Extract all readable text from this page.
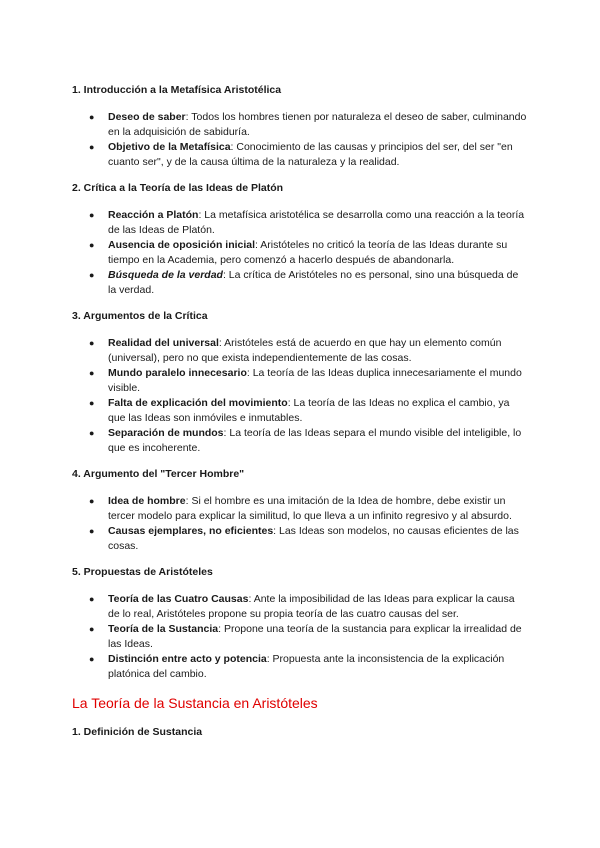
1. Introducción a la Metafísica Aristotélica
● Deseo de saber: Todos los hombres tienen por naturaleza el deseo de saber, culminando en la adquisición de sabiduría.
● Objetivo de la Metafísica: Conocimiento de las causas y principios del ser, del ser "en cuanto ser", y de la causa última de la naturaleza y la realidad.
2. Crítica a la Teoría de las Ideas de Platón
● Reacción a Platón: La metafísica aristotélica se desarrolla como una reacción a la teoría de las Ideas de Platón.
● Ausencia de oposición inicial: Aristóteles no criticó la teoría de las Ideas durante su tiempo en la Academia, pero comenzó a hacerlo después de abandonarla.
● Búsqueda de la verdad: La crítica de Aristóteles no es personal, sino una búsqueda de la verdad.
3. Argumentos de la Crítica
● Realidad del universal: Aristóteles está de acuerdo en que hay un elemento común (universal), pero no que exista independientemente de las cosas.
● Mundo paralelo innecesario: La teoría de las Ideas duplica innecesariamente el mundo visible.
● Falta de explicación del movimiento: La teoría de las Ideas no explica el cambio, ya que las Ideas son inmóviles e inmutables.
● Separación de mundos: La teoría de las Ideas separa el mundo visible del inteligible, lo que es incoherente.
4. Argumento del "Tercer Hombre"
● Idea de hombre: Si el hombre es una imitación de la Idea de hombre, debe existir un tercer modelo para explicar la similitud, lo que lleva a un infinito regresivo y al absurdo.
● Causas ejemplares, no eficientes: Las Ideas son modelos, no causas eficientes de las cosas.
5. Propuestas de Aristóteles
● Teoría de las Cuatro Causas: Ante la imposibilidad de las Ideas para explicar la causa de lo real, Aristóteles propone su propia teoría de las cuatro causas del ser.
● Teoría de la Sustancia: Propone una teoría de la sustancia para explicar la irrealidad de las Ideas.
● Distinción entre acto y potencia: Propuesta ante la inconsistencia de la explicación platónica del cambio.
La Teoría de la Sustancia en Aristóteles
1. Definición de Sustancia
